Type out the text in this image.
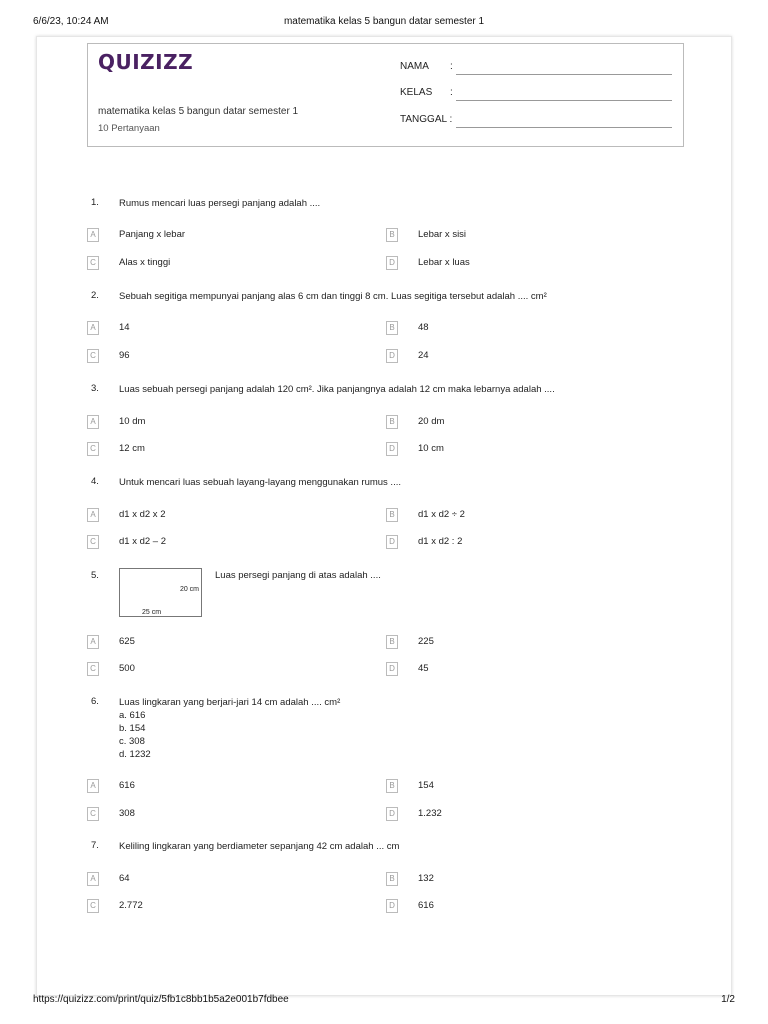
6/6/23, 10:24 AM	matematika kelas 5 bangun datar semester 1
QUIZIZZ
matematika kelas 5 bangun datar semester 1
10 Pertanyaan
NAMA :
KELAS :
TANGGAL :
1. Rumus mencari luas persegi panjang adalah ....
A	Panjang x lebar	B	Lebar x sisi
C	Alas x tinggi	D	Lebar x luas
2. Sebuah segitiga mempunyai panjang alas 6 cm dan tinggi 8 cm. Luas segitiga tersebut adalah .... cm²
A	14	B	48
C	96	D	24
3. Luas sebuah persegi panjang adalah 120 cm². Jika panjangnya adalah 12 cm maka lebarnya adalah ....
A	10 dm	B	20 dm
C	12 cm	D	10 cm
4. Untuk mencari luas sebuah layang-layang menggunakan rumus ....
A	d1 x d2 x 2	B	d1 x d2 ÷ 2
C	d1 x d2 – 2	D	d1 x d2 : 2
5.
20 cm
25 cm
Luas persegi panjang di atas adalah ....
A	625	B	225
C	500	D	45
6. Luas lingkaran yang berjari-jari 14 cm adalah .... cm²
a. 616
b. 154
c. 308
d. 1232
A	616	B	154
C	308	D	1.232
7. Keliling lingkaran yang berdiameter sepanjang 42 cm adalah ... cm
A	64	B	132
C	2.772	D	616
https://quizizz.com/print/quiz/5fb1c8bb1b5a2e001b7fdbee	1/2
